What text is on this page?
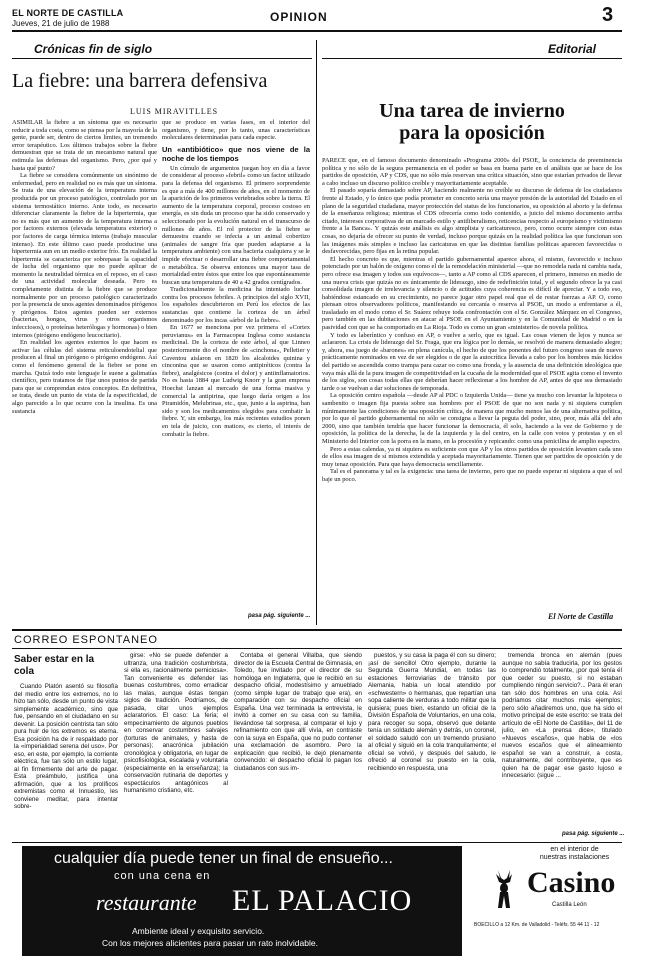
EL NORTE DE CASTILLA
Jueves, 21 de julio de 1988	OPINION	3
Crónicas fin de siglo
La fiebre: una barrera defensiva
LUIS MIRAVITLLES

ASIMILAR la fiebre a un síntoma que es necesario reducir a toda costa, como se piensa por la mayoría de la gente, puede ser, dentro de ciertos límites, un tremendo error terapéutico. Los últimos trabajos sobre la fiebre demuestran que se trata de un mecanismo natural que estimula las defensas del organismo. Pero, ¿por qué y hasta qué punto?

La fiebre se considera comúnmente un sinónimo de enfermedad, pero en realidad no es más que un síntoma. Se trata de una elevación de la temperatura interna producida por un proceso patológico, controlado por un sistema termostático interno. Ante todo, es necesario diferenciar claramente la fiebre de la hipertermia, que no es más que un aumento de la temperatura interna a por factores externos (elevada temperatura exterior) o por factores de carga térmica interna (trabajo muscular intenso). En este último caso puede producirse una hipertermia aun en un medio exterior frío. En realidad la hipertermia se caracteriza por sobrepasar la capacidad de lucha del organismo que no puede aplicar de momento la neutralidad térmica en el reposo, en el caso de una actividad molecular deseada. Pero es completamente distinta de la fiebre que se produce normalmente por un proceso patológico caracterizado por la presencia de unos agentes denominados pirógenos y pirógenos. Estos agentes pueden ser externos (bacterias, hongos, virus y otros organismos infecciosos), o proteínas heterólogas y hormonas) o bien internos (pirógeno endógeno leucocitario).

En realidad los agentes externos lo que hacen es activar las células del sistema reticuloendotelial que producen al final un pirógeno o pirógeno endógeno. Así como el fenómeno general de la fiebre se pone en marcha. Quizá todo este lenguaje le suene a galimatías científico, pero tratamos de fijar unos puntos de partida para que se comprendan estos conceptos. En definitiva, se trata, desde un punto de vista de la especificidad, de algo parecido a lo que ocurre con la insulina. Es una sustancia

que se produce en varias fases, en el interior del organismo, y tiene, por lo tanto, unas características moleculares determinadas para cada especie.

Un «antibiótico» que nos viene de la noche de los tiempos

Un cúmulo de argumentos juegan hoy en día a favor de considerar al proceso «febril» como un factor utilizado para la defensa del organismo. El primero sorprendente es que a más de 400 millones de años, en el momento de la aparición de los primeros vertebrados sobre la tierra. El aumento de la temperatura corporal, proceso costoso en energía, es sin duda un proceso que ha sido conservado y seleccionado por la evolución natural en el transcurso de millones de años. El rol protector de la fiebre se demuestra cuando se infecta a un animal cobertizo (animales de sangre fría que pueden adaptarse a la temperatura ambiente) con una bacteria cualquiera y se le impide efectuar o desarrollar una fiebre comportamental o metabólica. Se observa entonces una mayor tasa de mortalidad entre éstos que entre los que espontáneamente buscan una temperatura de 40 a 42 grados centígrados.

Tradicionalmente la medicina ha intentado luchar contra los procesos febriles. A principios del siglo XVII, los españoles descubrieron en Perú los efectos de las sustancias que contiene la corteza de un árbol denominado por los incas «árbol de la fiebre».

En 1677 se menciona por vez primera el «Cortex peruvianus» en la Farmacopea Inglesa como sustancia medicinal. De la corteza de este árbol, al que Linneo posteriormente dio el nombre de «cinchona», Pelletier y Caventou aislaron en 1820 los alcaloides quinina y cinconina que se usaron como antipiréticos (contra la fiebre), analgésicos (contra el dolor) y antiinflamatorios. No es hasta 1884 que Ludwig Knorr y la gran empresa Hoechst lanzan al mercado de una forma masiva y comercial la antipirina, que luego daría origen a los Piramidón, Melubrinas, etc., que, junto a la aspirina, han sido y son los medicamentos elegidos para combatir la fiebre. Y, sin embargo, los más recientes estudios ponen en tela de juicio, con matices, es cierto, el interés de combatir la fiebre.

pasa pág. siguiente ...
Editorial
Una tarea de invierno
para la oposición

PARECE que, en el famoso documento denominado «Programa 2000» del PSOE, la conciencia de preeminencia política y no sólo de la segura permanencia en el poder se basa en buena parte en el análisis que se hace de los partidos de oposición, AP y CDS, que no sólo más reservan una crítica situación, sino que estarían privados de llevar a cabo incluso un discurso político creíble y mayoritariamente aceptable.

El pasado soparía demasiado sobre AP, haciendo realmente no creíble su discurso de defensa de los ciudadanos frente al Estado, y lo único que podía prometer en concreto sería una mayor presión de la autoridad del Estado en el plano de la seguridad ciudadana, mayor protección del status de los funcionarios, su oposición al aborto y la defensa de la enseñanza religiosa; mientras el CDS ofrecería como todo contenido, a juicio del mismo documento arriba citado, intereses corporativas de un marcado estilo y antiliberalismo, reticencias respecto al europeísmo y victimismo frente a la Banca». Y quizás este análisis es algo simplista y caricaturesco, pero, como ocurre siempre con estas cosas, no dejaría de ofrecer su punto de verdad, incluso porque quizás en la realidad política las que funcionan son las imágenes más simples e incluso las caricaturas en que las distintas familias políticas aparecen favorecidas o desfavorecidas, pero fijas en la retina popular.

El hecho concreto es que, mientras el partido gubernamental aparece ahora, el mismo, favorecido e incluso potenciado por un balón de oxígeno como el de la remodelación ministerial —que no remodela nada ni cambia nada, pero ofrece esa imagen y todos sus equívocos—, tanto a AP como al CDS aparecen, el primero, inmerso en medio de una nueva crisis que quizás no es únicamente de liderazgo, sino de redefinición total, y el segundo ofrece la ya casi consolidada imagen de irrelevancia y silencio o de actitudes cuya coherencia es difícil de apreciar. Y a todo eso, habiéndose estancado en su crecimiento, no parece jugar otro papel real que el de restar fuerzas a AP. O, como piensan otros observadores políticos, manifestando su cercanía o reserva al PSOE, un modo a enfrentarse a él, trasladado en el modo como el Sr. Suárez rehuye toda confrontación con el Sr. González Márquez en el Congreso, pero también en las dubitaciones en atacar al PSOE en el Ayuntamiento y en la Comunidad de Madrid o en la pasividad con que se ha comportado en La Rioja. Todo es como un gran «ministerio» de novela política.

Y todo es laberíntico y confuso en AP, o vuelve a serlo, que es igual. Las cosas vienen de lejos y nunca se aclararon. La crisis de liderazgo del Sr. Fraga, que era lógica por lo demás, se resolvió de manera demasiado alegre; y, ahora, esa juego de «barones» en plena canícula, el hecho de que los ponentes del futuro congreso sean de nuevo prácticamente nominados en vez de ser elegidos o de que la autocrítica llevada a cabo por los hombres más lúcidos del partido se ascendida como trampa para cazar oo como una fronda, y la ausencia de una definición ideológica que vaya más allá de la pura imagen de competitividad en la cucaña de la modernidad que el PSOE agita como el invento de los siglos, son cosas todas ellas que deberían hacer reflexionar a los hombre de AP, antes de que sea demasiado tarde o se vuelvan a dar soluciones de temporada.

La oposición centro española —desde AP al PDC o Izquierda Unida— tiene ya mucho con levantar la hipoteca o sambenito o imagen fija puesta sobre sus hombres por el PSOE de que no son nada y ni siquiera cumplen mínimamente las condiciones de una oposición crítica, de manera que mucho menos las de una alternativa política, por lo que el partido gubernamental no sólo se consigna a llevar la peguta del poder, sino, peor, más allá del año 2000, sino que también tendría que hacer funcionar la democracia, él solo, haciendo a la vez de Gobierno y de oposición, la política de la derecha, la de la izquierda y la del centro, en la calle con votos y protestas y en el Ministerio del Interior con la porra en la mano, en la procesión y repicando: como una penicilina de amplio espectro.

Pero a estas calendas, ya ni siquiera es suficiente con que AP y los otros partidos de oposición levanten cada uno de ellos esa imagen de sí mismos extendida y aceptada mayoritariamente. Tienen que ser partidos de oposición y de muy tenaz oposición. Para que haya democracia sencillamente.

Tal es el panorama y tal es la exigencia: una tarea de invierno, pero que no puede esperar ni siquiera a que el sol baje un poco.

El Norte de Castilla
CORREO ESPONTANEO
Saber estar en la cola

Cuando Platón asentó su filosofía del medio entre los extremos, no lo hizo tan sólo, desde un punto de vista simplemente académico, sino que fue, pensando en el ciudadano en su devenir. La posición centrista tan sólo pura huir de los extremos es eterna. Esa posición ha de ir respaldado por la «imperialidad serena del uso». Por eso, en este, por ejemplo, la corriente eléctrica, fue tan sólo un estilo lugar, al fin firmemente del arte de pagar. Esta preámbulo, justifica una afirmación, que a los prolíficos extremistas como el Innuestio, les conviene meditar, para intentar sobre-

girse: «No se puede defender a ultranza, una tradición costumbrista, si ella es, racionalmente perniciosa». Tan conveniente es defender las buenas costumbres, como erradicar las malas, aunque éstas tengan siglos de tradición. Podríamos, de pasada, citar unos ejemplos aclaratorios. El caso: La feria; el empecinamiento de algunos pueblos en conservar costumbres salvajes (torturas de animales, y hasta de personas); anacrónica jubilación cronológica y obligatoria, en lugar de psicofisiológica, escalada y voluntaria (especialmente en la enseñanza); la conservación rutinaria de deportes y espectáculos antagónicos al humanismo cristiano, etc.

Contaba el general Villalba, que siendo director de la Escuela Central de Gimnasia, en Toledo, fue invitado por el director de su homóloga en Inglaterra, que le recibió en su despacho oficial, modestísimo y amueblado (como simple lugar de trabajo que era), en comparación con su despacho oficial en España. Una vez terminada la entrevista, le invitó a comer en su casa con su familia, llevándose tal sorpresa, al comparar el lujo y refinamiento con que allí vivía, en contraste con la suya en España, que no pudo contener una exclamación de asombro. Pero la explicación que recibió, le dejó plenamente convencido: el despacho oficial lo pagan los ciudadanos con sus im-

puestos, y su casa la paga él con su dinero; ¡así de sencillo! Otro ejemplo, durante la Segunda Guerra Mundial, en todas las estaciones ferroviarias de tránsito por Alemania, había un local atendido por «schwestern» o hermanas, que repartían una sopa caliente de verduras a todo militar que la quisiera; pues bien, estando un oficial de la División Española de Voluntarios, en una cola, para recoger su sopa, observó que delante tenía un soldado alemán y detrás, un coronel, el soldado saludó con un tremendo prusiano al oficial y siguió en la cola tranquilamente; el oficial se volvió, y después del saludo, le ofreció al coronel su puesto en la cola, recibiendo en respuesta, una

tremenda bronca en alemán (pues aunque no sabía traducirla, por los gestos lo comprendió totalmente, ¡por qué tenía él que ceder su puesto, si no estaban cumpliendo ningún servicio?... Para él eran tan sólo dos hombres en una cola. Así podríamos citar muchos más ejemplos; pero sólo añadiremos uno, que ha sido el motivo principal de este escrito: se trata del artículo de «El Norte de Castilla», del 11 de julio, en «La prensa dice», titulado «Nuevos escaños», que habla de «los nuevos escaños que el alineamiento español se van a construir, a costa, naturalmente, del contribuyente, que es quien ha de pagar ese gasto lujoso e innecesario: (sigue ...

pasa pág. siguiente ...
cualquier día puede tener un final de ensueño...
con una cena en
restaurante EL PALACIO
Ambiente ideal y exquisito servicio.
Con los mejores alicientes para pasar un rato inolvidable.
en el interior de
nuestras instalaciones
Casino
Castilla León
BOECILLO a 12 Km. de Valladolid - Teléfs. 55 44 11 - 12
